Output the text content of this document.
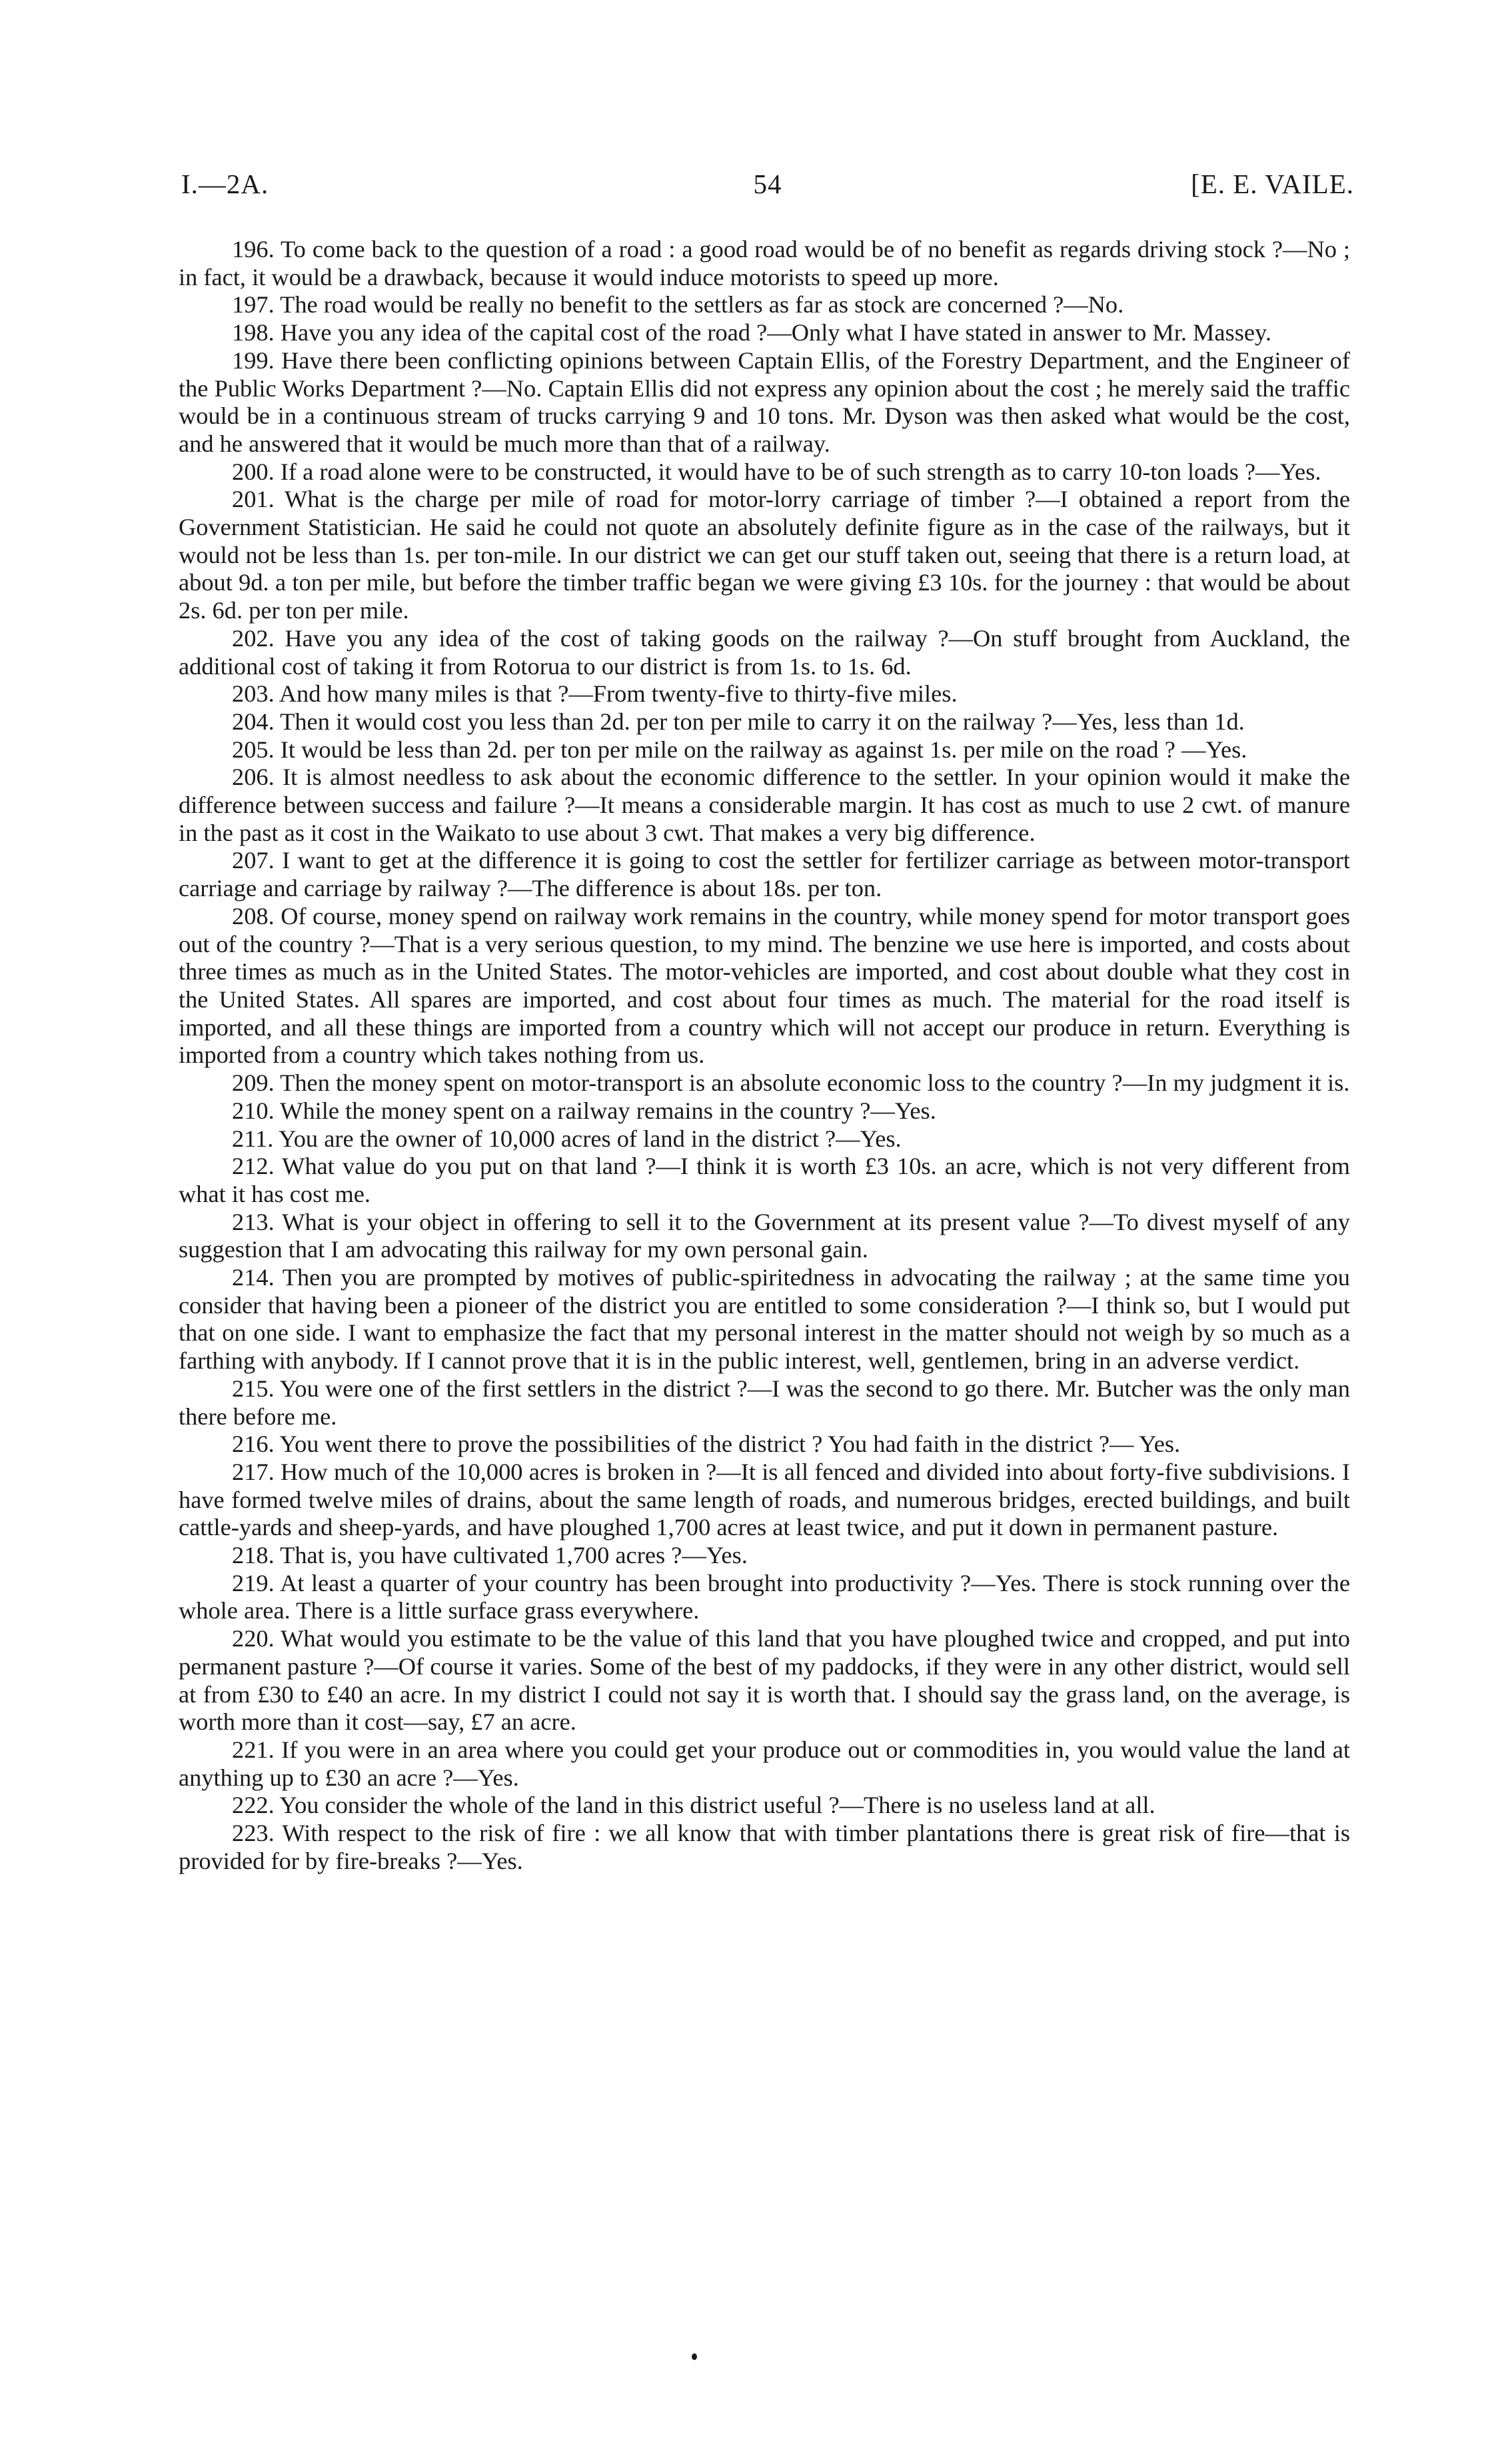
I.—2A.	54	[E. E. VAILE.

196. To come back to the question of a road : a good road would be of no benefit as regards driving stock ?—No ; in fact, it would be a drawback, because it would induce motorists to speed up more.

197. The road would be really no benefit to the settlers as far as stock are concerned ?—No.

198. Have you any idea of the capital cost of the road ?—Only what I have stated in answer to Mr. Massey.

199. Have there been conflicting opinions between Captain Ellis, of the Forestry Department, and the Engineer of the Public Works Department ?—No. Captain Ellis did not express any opinion about the cost ; he merely said the traffic would be in a continuous stream of trucks carrying 9 and 10 tons. Mr. Dyson was then asked what would be the cost, and he answered that it would be much more than that of a railway.

200. If a road alone were to be constructed, it would have to be of such strength as to carry 10-ton loads ?—Yes.

201. What is the charge per mile of road for motor-lorry carriage of timber ?—I obtained a report from the Government Statistician. He said he could not quote an absolutely definite figure as in the case of the railways, but it would not be less than 1s. per ton-mile. In our district we can get our stuff taken out, seeing that there is a return load, at about 9d. a ton per mile, but before the timber traffic began we were giving £3 10s. for the journey : that would be about 2s. 6d. per ton per mile.

202. Have you any idea of the cost of taking goods on the railway ?—On stuff brought from Auckland, the additional cost of taking it from Rotorua to our district is from 1s. to 1s. 6d.

203. And how many miles is that ?—From twenty-five to thirty-five miles.

204. Then it would cost you less than 2d. per ton per mile to carry it on the railway ?—Yes, less than 1d.

205. It would be less than 2d. per ton per mile on the railway as against 1s. per mile on the road ? —Yes.

206. It is almost needless to ask about the economic difference to the settler. In your opinion would it make the difference between success and failure ?—It means a considerable margin. It has cost as much to use 2 cwt. of manure in the past as it cost in the Waikato to use about 3 cwt. That makes a very big difference.

207. I want to get at the difference it is going to cost the settler for fertilizer carriage as between motor-transport carriage and carriage by railway ?—The difference is about 18s. per ton.

208. Of course, money spend on railway work remains in the country, while money spend for motor transport goes out of the country ?—That is a very serious question, to my mind. The benzine we use here is imported, and costs about three times as much as in the United States. The motor-vehicles are imported, and cost about double what they cost in the United States. All spares are imported, and cost about four times as much. The material for the road itself is imported, and all these things are imported from a country which will not accept our produce in return. Everything is imported from a country which takes nothing from us.

209. Then the money spent on motor-transport is an absolute economic loss to the country ?—In my judgment it is.

210. While the money spent on a railway remains in the country ?—Yes.

211. You are the owner of 10,000 acres of land in the district ?—Yes.

212. What value do you put on that land ?—I think it is worth £3 10s. an acre, which is not very different from what it has cost me.

213. What is your object in offering to sell it to the Government at its present value ?—To divest myself of any suggestion that I am advocating this railway for my own personal gain.

214. Then you are prompted by motives of public-spiritedness in advocating the railway ; at the same time you consider that having been a pioneer of the district you are entitled to some consideration ?—I think so, but I would put that on one side. I want to emphasize the fact that my personal interest in the matter should not weigh by so much as a farthing with anybody. If I cannot prove that it is in the public interest, well, gentlemen, bring in an adverse verdict.

215. You were one of the first settlers in the district ?—I was the second to go there. Mr. Butcher was the only man there before me.

216. You went there to prove the possibilities of the district ? You had faith in the district ?— Yes.

217. How much of the 10,000 acres is broken in ?—It is all fenced and divided into about forty-five subdivisions. I have formed twelve miles of drains, about the same length of roads, and numerous bridges, erected buildings, and built cattle-yards and sheep-yards, and have ploughed 1,700 acres at least twice, and put it down in permanent pasture.

218. That is, you have cultivated 1,700 acres ?—Yes.

219. At least a quarter of your country has been brought into productivity ?—Yes. There is stock running over the whole area. There is a little surface grass everywhere.

220. What would you estimate to be the value of this land that you have ploughed twice and cropped, and put into permanent pasture ?—Of course it varies. Some of the best of my paddocks, if they were in any other district, would sell at from £30 to £40 an acre. In my district I could not say it is worth that. I should say the grass land, on the average, is worth more than it cost—say, £7 an acre.

221. If you were in an area where you could get your produce out or commodities in, you would value the land at anything up to £30 an acre ?—Yes.

222. You consider the whole of the land in this district useful ?—There is no useless land at all.

223. With respect to the risk of fire : we all know that with timber plantations there is great risk of fire—that is provided for by fire-breaks ?—Yes.
